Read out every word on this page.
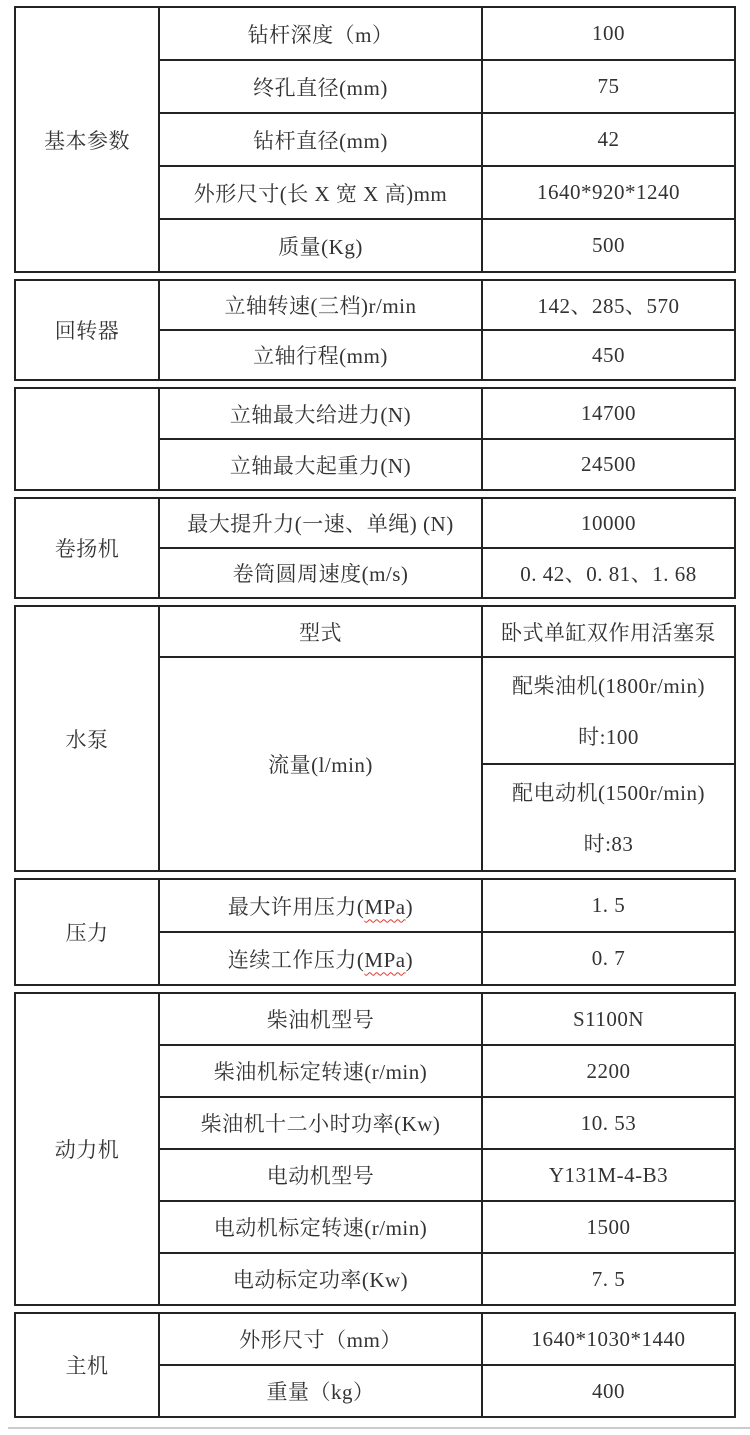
基本参数	钻杆深度（m）	100
	终孔直径(mm)	75
	钻杆直径(mm)	42
	外形尺寸(长 X 宽 X 高)mm	1640*920*1240
	质量(Kg)	500
回转器	立轴转速(三档)r/min	142、285、570
	立轴行程(mm)	450
	立轴最大给进力(N)	14700
	立轴最大起重力(N)	24500
卷扬机	最大提升力(一速、单绳) (N)	10000
	卷筒圆周速度(m/s)	0. 42、0. 81、1. 68
水泵	型式	卧式单缸双作用活塞泵
	流量(l/min)	配柴油机(1800r/min)
时:100

		配电动机(1500r/min)
时:83
压力	最大许用压力(MPa)	1. 5
	连续工作压力(MPa)	0. 7
动力机	柴油机型号	S1100N
	柴油机标定转速(r/min)	2200
	柴油机十二小时功率(Kw)	10. 53
	电动机型号	Y131M-4-B3
	电动机标定转速(r/min)	1500
	电动标定功率(Kw)	7. 5
主机	外形尺寸（mm）	1640*1030*1440
	重量（kg）	400
